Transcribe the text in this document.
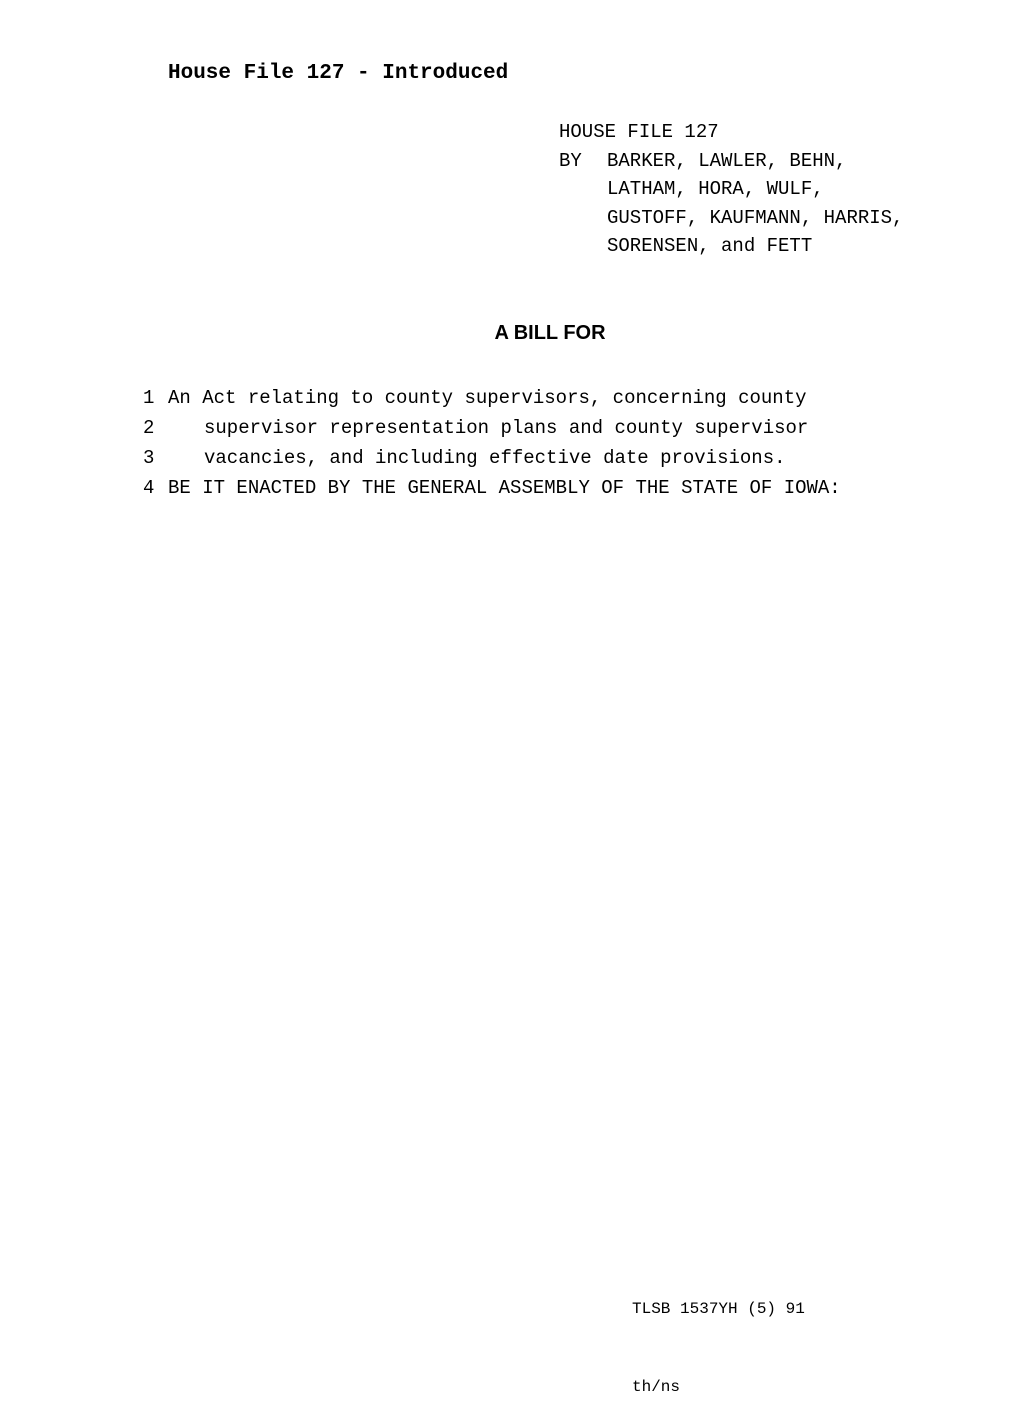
House File 127 - Introduced
HOUSE FILE 127
BY	BARKER, LAWLER, BEHN,
LATHAM, HORA, WULF,
GUSTOFF, KAUFMANN, HARRIS,
SORENSEN, and FETT
A BILL FOR
1 An Act relating to county supervisors, concerning county
2	supervisor representation plans and county supervisor
3	vacancies, and including effective date provisions.
4 BE IT ENACTED BY THE GENERAL ASSEMBLY OF THE STATE OF IOWA:

TLSB 1537YH (5) 91

th/ns
